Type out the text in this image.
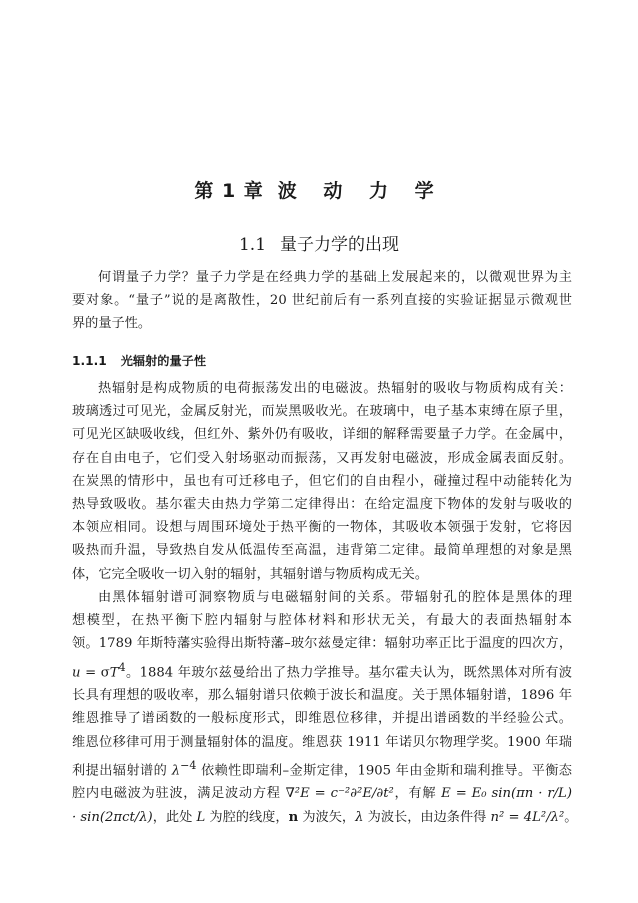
第 1 章 波 动 力 学
1.1 量子力学的出现
何谓量子力学？量子力学是在经典力学的基础上发展起来的，以微观世界为主
要对象。“量子”说的是离散性，20 世纪前后有一系列直接的实验证据显示微观世
界的量子性。
1.1.1 光辐射的量子性
热辐射是构成物质的电荷振荡发出的电磁波。热辐射的吸收与物质构成有关：
玻璃透过可见光，金属反射光，而炭黑吸收光。在玻璃中，电子基本束缚在原子里，
可见光区缺吸收线，但红外、紫外仍有吸收，详细的解释需要量子力学。在金属中，
存在自由电子，它们受入射场驱动而振荡，又再发射电磁波，形成金属表面反射。
在炭黑的情形中，虽也有可迁移电子，但它们的自由程小，碰撞过程中动能转化为
热导致吸收。基尔霍夫由热力学第二定律得出：在给定温度下物体的发射与吸收的
本领应相同。设想与周围环境处于热平衡的一物体，其吸收本领强于发射，它将因
吸热而升温，导致热自发从低温传至高温，违背第二定律。最简单理想的对象是黑
体，它完全吸收一切入射的辐射，其辐射谱与物质构成无关。
由黑体辐射谱可洞察物质与电磁辐射间的关系。带辐射孔的腔体是黑体的理
想模型，在热平衡下腔内辐射与腔体材料和形状无关，有最大的表面热辐射本
领。1789 年斯特藩实验得出斯特藩–玻尔兹曼定律：辐射功率正比于温度的四次方，
$u = \sigma T^4$。1884 年玻尔兹曼给出了热力学推导。基尔霍夫认为，既然黑体对所有波
长具有理想的吸收率，那么辐射谱只依赖于波长和温度。关于黑体辐射谱，1896 年
维恩推导了谱函数的一般标度形式，即维恩位移律，并提出谱函数的半经验公式。
维恩位移律可用于测量辐射体的温度。维恩获 1911 年诺贝尔物理学奖。1900 年瑞
利提出辐射谱的 $\lambda^{-4}$ 依赖性即瑞利–金斯定律，1905 年由金斯和瑞利推导。平衡态
腔内电磁波为驻波，满足波动方程 ∇²E = c⁻²∂²E/∂t²，有解 E = E₀ sin(πn · r/L)
· sin(2πct/λ)，此处 L 为腔的线度，n 为波矢，λ 为波长，由边条件得 n² = 4L²/λ²。
